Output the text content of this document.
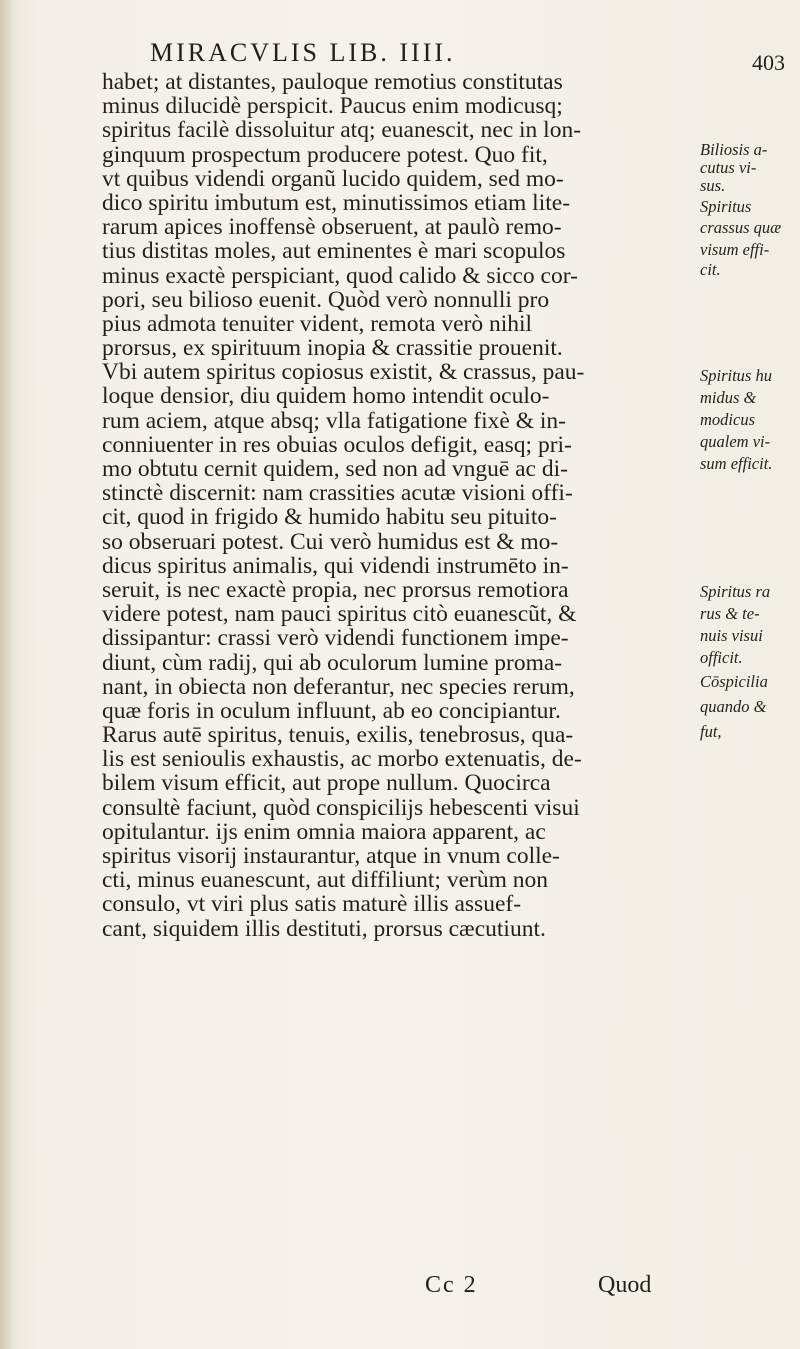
MIRACVLIS LIB. IIII.	403
habet; at distantes, pauloque remotius constitutas
minus dilucidè perspicit. Paucus enim modicusq;
spiritus facilè dissoluitur atq; euanescit, nec in lon-
ginquum prospectum producere potest. Quo fit,
vt quibus videndi organũ lucido quidem, sed mo-
dico spiritu imbutum est, minutissimos etiam lite-
rarum apices inoffensè obseruent, at paulò remo-
tius distitas moles, aut eminentes è mari scopulos
minus exactè perspiciant, quod calido & sicco cor-
pori, seu bilioso euenit. Quòd verò nonnulli pro
pius admota tenuiter vident, remota verò nihil
prorsus, ex spirituum inopia & crassitie prouenit.
Vbi autem spiritus copiosus existit, & crassus, pau-
loque densior, diu quidem homo intendit oculo-
rum aciem, atque absq; vlla fatigatione fixè & in-
conniuenter in res obuias oculos defigit, easq; pri-
mo obtutu cernit quidem, sed non ad vnguē ac di-
stinctè discernit: nam crassities acutæ visioni offi-
cit, quod in frigido & humido habitu seu pituito-
so obseruari potest. Cui verò humidus est & mo-
dicus spiritus animalis, qui videndi instrumēto in-
seruit, is nec exactè propia, nec prorsus remotiora
videre potest, nam pauci spiritus citò euanescũt, &
dissipantur: crassi verò videndi functionem impe-
diunt, cùm radij, qui ab oculorum lumine proma-
nant, in obiecta non deferantur, nec species rerum,
quæ foris in oculum influunt, ab eo concipiantur.
Rarus autē spiritus, tenuis, exilis, tenebrosus, qua-
lis est senioulis exhaustis, ac morbo extenuatis, de-
bilem visum efficit, aut prope nullum. Quocirca
consultè faciunt, quòd conspicilijs hebescenti visui
opitulantur. ijs enim omnia maiora apparent, ac
spiritus visorij instaurantur, atque in vnum colle-
cti, minus euanescunt, aut diffiliunt; verùm non
consulo, vt viri plus satis maturè illis assuef-
cant, siquidem illis destituti, prorsus cæcutiunt.
Biliosis a-
cutus vi-
sus.
Spiritus
crassus quæ
visum effi-
cit.
Spiritus hu
midus &
modicus
qualem vi-
sum efficit.
Spiritus ra
rus & te-
nuis visui
officit.
Cōspicilia
quando &
fut,
Cc 2	Quod
